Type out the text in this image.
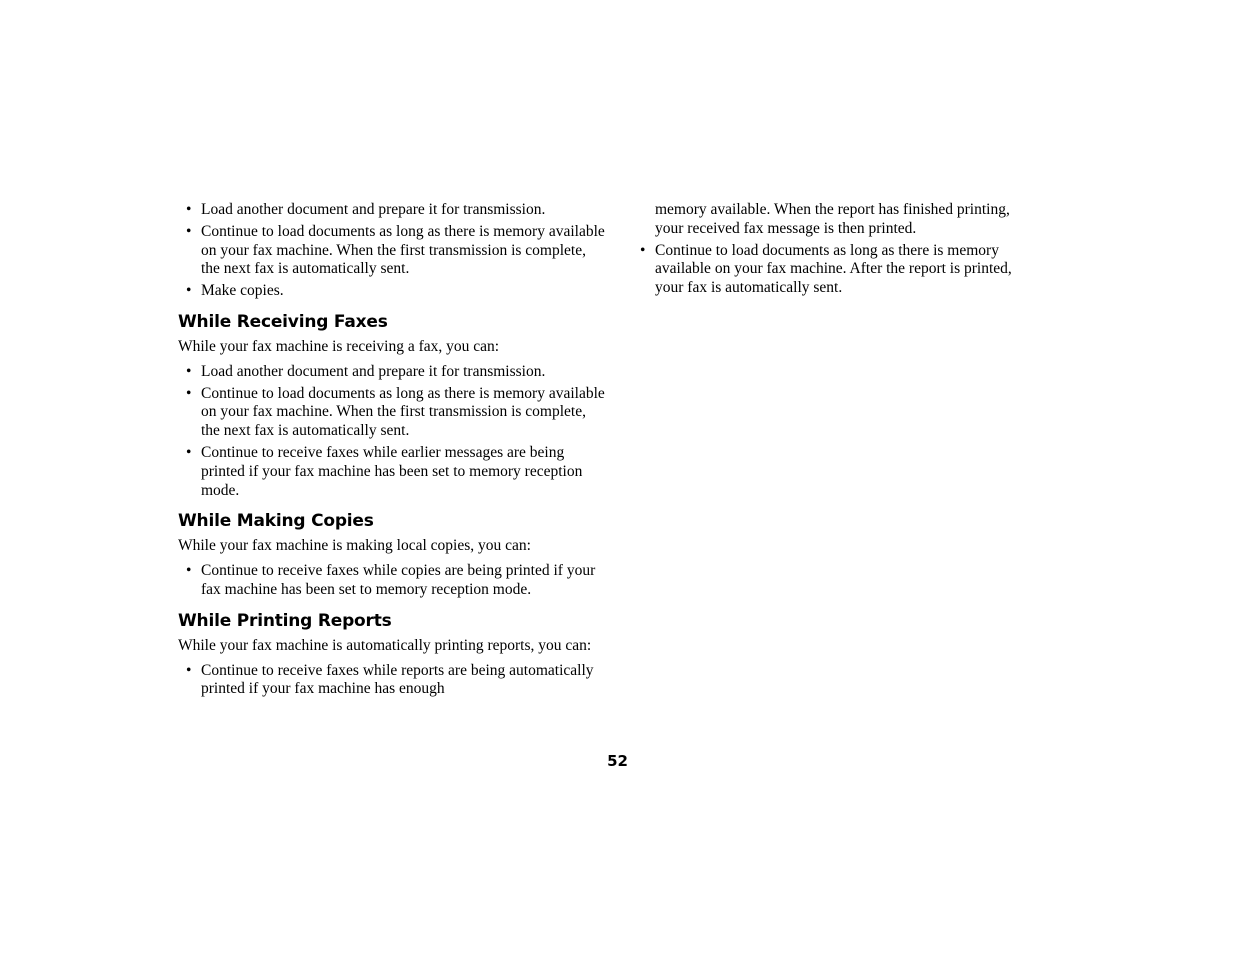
• Load another document and prepare it for transmission.
• Continue to load documents as long as there is memory available on your fax machine. When the first transmission is complete, the next fax is automatically sent.
• Make copies.
While Receiving Faxes

While your fax machine is receiving a fax, you can:

• Load another document and prepare it for transmission.
• Continue to load documents as long as there is memory available on your fax machine. When the first transmission is complete, the next fax is automatically sent.
• Continue to receive faxes while earlier messages are being printed if your fax machine has been set to memory reception mode.
While Making Copies

While your fax machine is making local copies, you can:

• Continue to receive faxes while copies are being printed if your fax machine has been set to memory reception mode.
While Printing Reports

While your fax machine is automatically printing reports, you can:

• Continue to receive faxes while reports are being automatically printed if your fax machine has enough
memory available. When the report has finished printing, your received fax message is then printed.
• Continue to load documents as long as there is memory available on your fax machine. After the report is printed, your fax is automatically sent.
52
